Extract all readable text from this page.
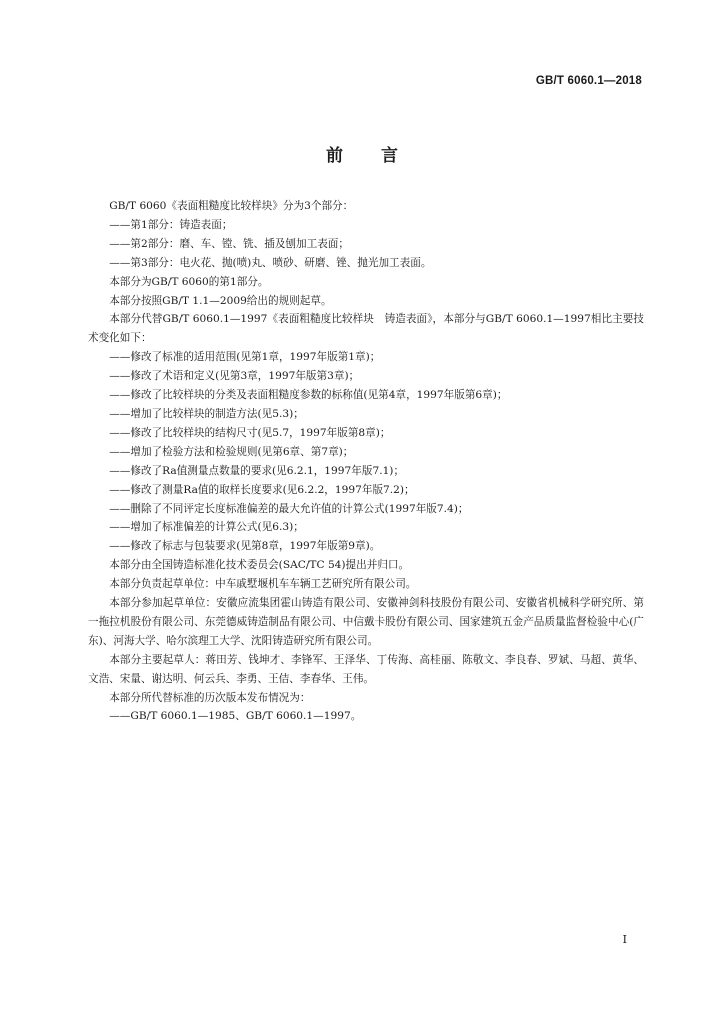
GB/T 6060.1—2018
前 言

GB/T 6060《表面粗糙度比较样块》分为3个部分：

——第1部分：铸造表面；

——第2部分：磨、车、镗、铣、插及刨加工表面；

——第3部分：电火花、抛(喷)丸、喷砂、研磨、锉、抛光加工表面。

本部分为GB/T 6060的第1部分。

本部分按照GB/T 1.1—2009给出的规则起草。

本部分代替GB/T 6060.1—1997《表面粗糙度比较样块　铸造表面》，本部分与GB/T 6060.1—1997相比主要技术变化如下：

——修改了标准的适用范围(见第1章，1997年版第1章)；

——修改了术语和定义(见第3章，1997年版第3章)；

——修改了比较样块的分类及表面粗糙度参数的标称值(见第4章，1997年版第6章)；

——增加了比较样块的制造方法(见5.3)；

——修改了比较样块的结构尺寸(见5.7，1997年版第8章)；

——增加了检验方法和检验规则(见第6章、第7章)；

——修改了Ra值测量点数量的要求(见6.2.1，1997年版7.1)；

——修改了测量Ra值的取样长度要求(见6.2.2，1997年版7.2)；

——删除了不同评定长度标准偏差的最大允许值的计算公式(1997年版7.4)；

——增加了标准偏差的计算公式(见6.3)；

——修改了标志与包装要求(见第8章，1997年版第9章)。

本部分由全国铸造标准化技术委员会(SAC/TC 54)提出并归口。

本部分负责起草单位：中车戚墅堰机车车辆工艺研究所有限公司。

本部分参加起草单位：安徽应流集团霍山铸造有限公司、安徽神剑科技股份有限公司、安徽省机械科学研究所、第一拖拉机股份有限公司、东莞德威铸造制品有限公司、中信戴卡股份有限公司、国家建筑五金产品质量监督检验中心(广东)、河海大学、哈尔滨理工大学、沈阳铸造研究所有限公司。

本部分主要起草人：蒋田芳、钱坤才、李锋军、王泽华、丁传海、高桂丽、陈敬文、李良春、罗斌、马超、黄华、文浩、宋量、谢达明、何云兵、李勇、王佶、李春华、王伟。

本部分所代替标准的历次版本发布情况为：

——GB/T 6060.1—1985、GB/T 6060.1—1997。

I
